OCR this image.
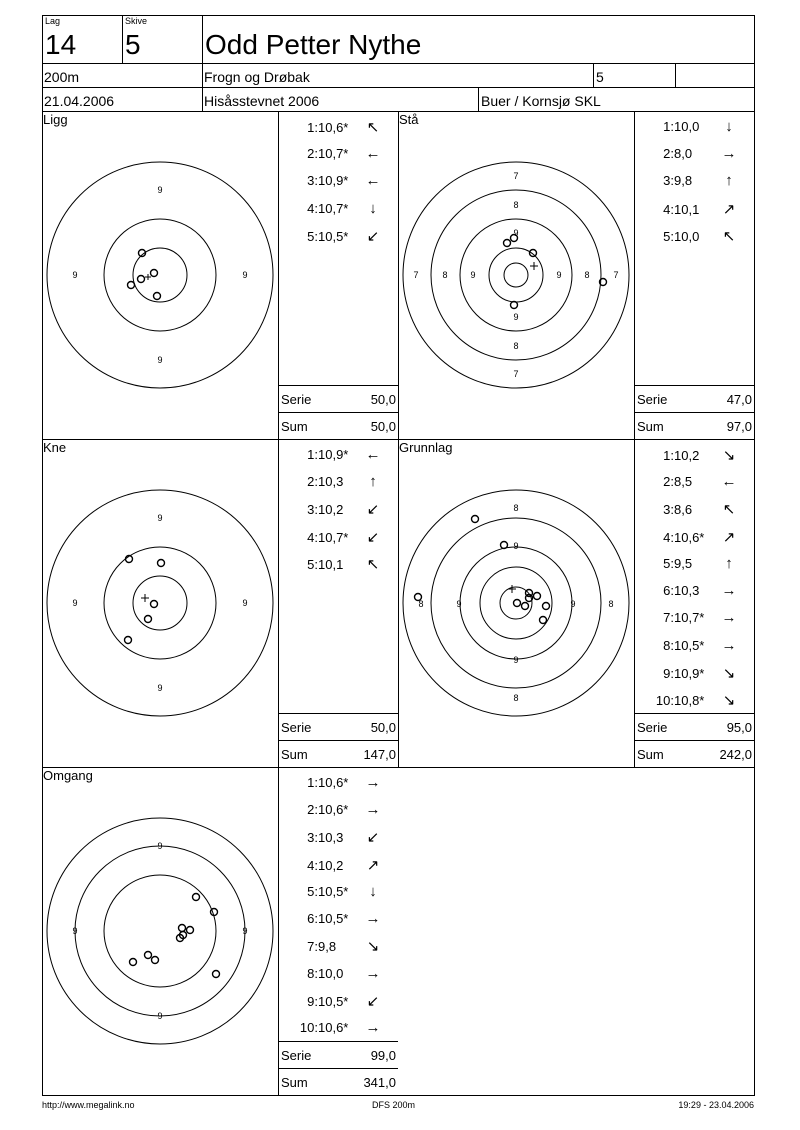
Lag
14
Skive
5 Odd Petter Nythe
200m	Frogn og Drøbak	5
21.04.2006	Hisåsstevnet 2006	Buer / Kornsjø SKL
Ligg	Stå
Kne	Grunnlag
Omgang
9
9	9
9
7
8
9
7	8	9	9	8	7
9
8
7
9
9	9
9
8
9
8	9	9	8
9
8
9
9	9
9
1:10,6* ↖
2:10,7* ←
3:10,9* ←
4:10,7* ↓
5:10,5* ↙
1:10,0 ↓
2:8,0 →
3:9,8 ↑
4:10,1 ↗
5:10,0 ↖
1:10,9* ←
2:10,3 ↑
3:10,2 ↙
4:10,7* ↙
5:10,1 ↖
1:10,2 ↘
2:8,5 ←
3:8,6 ↖
4:10,6* ↗
5:9,5 ↑
6:10,3 →
7:10,7* →
8:10,5* →
9:10,9* ↘
10:10,8* ↘
1:10,6* →
2:10,6* →
3:10,3 ↙
4:10,2 ↗
5:10,5* ↓
6:10,5* →
7:9,8 ↘
8:10,0 →
9:10,5* ↙
10:10,6* →
Serie	50,0
Sum	50,0
Serie	47,0
Sum	97,0
Serie	50,0
Sum	147,0
Serie	95,0
Sum	242,0
Serie	99,0
Sum	341,0
http://www.megalink.no	DFS 200m	19:29 - 23.04.2006
